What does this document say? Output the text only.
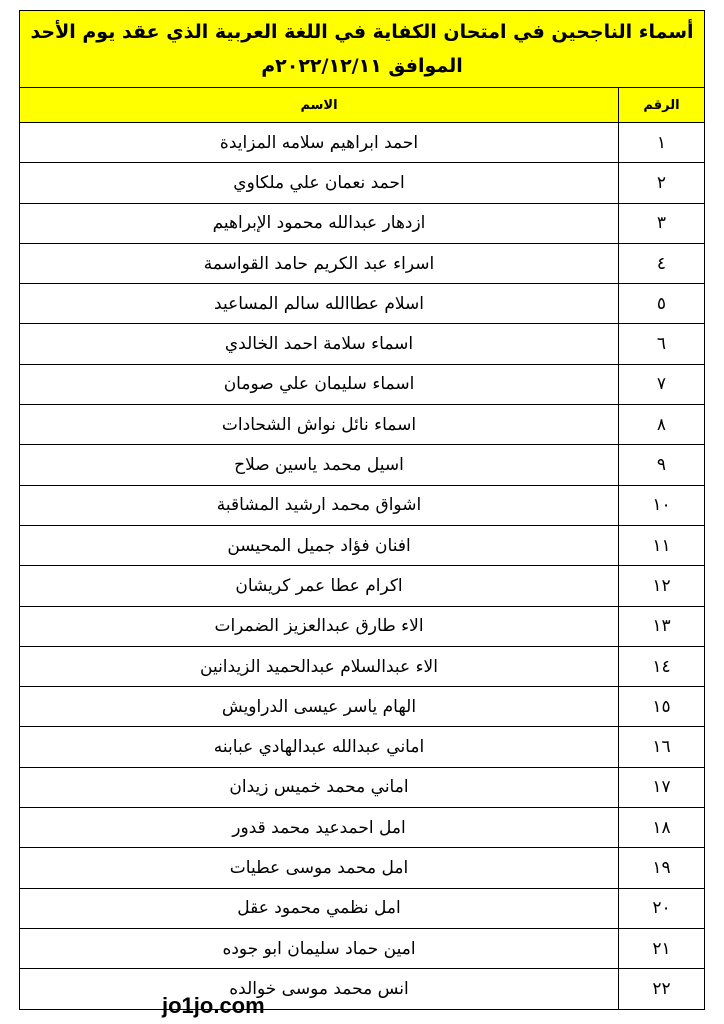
أسماء الناجحين في امتحان الكفاية في اللغة العربية الذي عقد يوم الأحد
الموافق ٢٠٢٢/١٢/١١م	

الرقم	الاسم
١	احمد ابراهيم سلامه المزايدة
٢	احمد نعمان علي ملكاوي
٣	ازدهار عبدالله محمود الإبراهيم
٤	اسراء عبد الكريم حامد القواسمة
٥	اسلام عطاالله سالم المساعيد
٦	اسماء سلامة احمد الخالدي
٧	اسماء سليمان علي صومان
٨	اسماء نائل نواش الشحادات
٩	اسيل محمد ياسين صلاح
١٠	اشواق محمد ارشيد المشاقبة
١١	افنان فؤاد جميل المحيسن
١٢	اكرام عطا عمر كريشان
١٣	الاء طارق عبدالعزيز الضمرات
١٤	الاء عبدالسلام عبدالحميد الزيدانين
١٥	الهام ياسر عيسى الدراويش
١٦	اماني عبدالله عبدالهادي عبابنه
١٧	اماني محمد خميس زيدان
١٨	امل احمدعيد محمد قدور
١٩	امل محمد موسى عطيات
٢٠	امل نظمي محمود عقل
٢١	امين حماد سليمان ابو جوده
٢٢	انس محمد موسى خوالده
jo1jo.com
